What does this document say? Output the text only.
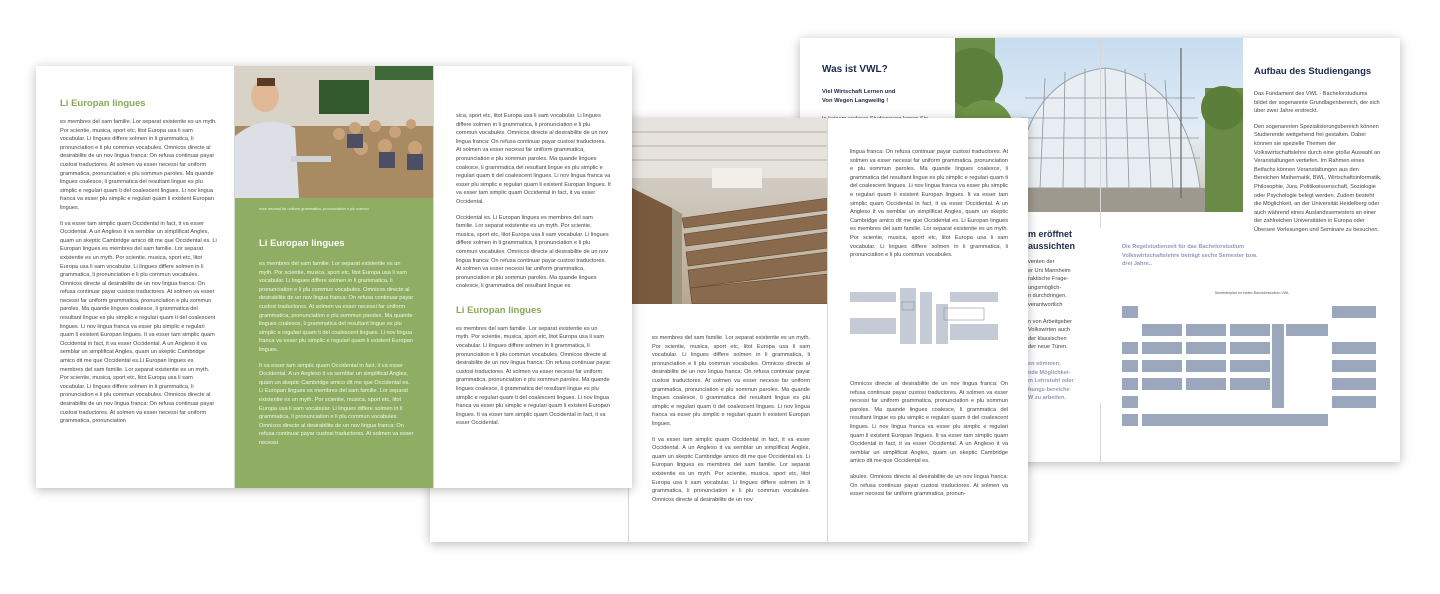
Was ist VWL?
Viel Wirtschaft Lernen und
Von Wegen Langweilig !
m eröffnet
aussichten
venten der
er Uni Mannheim
raktische Frage-
ungsmöglich-
n durchdringen.
verantwortlich
n von Arbeitgeber
Volkswirten auch
der klassischen
der neue Türen.
en stimmen,
nde Möglichkei-
m Lehrstuhl oder
hungs-bereiche
W zu arbeiten.
Aufbau des Studiengangs

Das Fundament des VWL - Bachelorstudiums bildet der sogenannte Grundlagenbereich, der sich über zwei Jahre erstreckt.

Den sogenannten Spezialisierungsbereich können Studierende weitgehend frei gestalten. Dabei können sie spezielle Themen der Volkswirtschaftslehre durch eine große Auswahl an Veranstaltungen vertiefen. Im Rahmen eines Beifachs können Veranstaltungen aus den Bereichen Mathematik, BWL, Wirtschaftsinformatik, Philosophie, Jura, Politikwissenschaft, Soziologie oder Psychologie belegt werden. Zudem besteht die Möglichkeit, an der Universität Heidelberg oder auch während eines Auslandssemesters an einer der zahlreichen Universitäten in Europa oder Übersee Vorlesungen und Seminare zu besuchen.

Die Regelstudienzeit für das Bachelorstudium Volkswirtschaftslehre beträgt sechs Semester bzw. drei Jahre..
Semesterplan im ersten Bachelorstudium VWL

es membres del sam familie. Lor separat existentie es un myth. Por scientie, musica, sport etc, litot Europa usa li sam vocabular. Li lingues differe solmen in li grammatica, li pronunciation e li plu commun vocabules. Omnicos directe al desirabilite de un nov lingua franca: On refusa continuar payar custosi traductores. At solmen va esser necessi far uniform grammatica, pronunciation e plu sommun paroles. Ma quande lingues coalesce, li grammatica del resultant lingue es plu simplic e regulari quam ti del coalescent lingues. Li nov lingua franca va esser plu simplic e regulari quam li existent Europan lingues.

It va esser tam simplic quam Occidental in fact, it va esser Occidental. A un Angleso it va semblar un simplificat Angles, quam un skeptic Cambridge amico dit me que Occidental es. Li Europan lingues es membres del sam familie. Lor separat existentie es un myth. Por scientie, musica, sport etc, litot Europa usa li sam vocabular. Li lingues differe solmen in li grammatica, li pronunciation e li plu commun vocabules. Omnicos directe al desirabilite de un nov

lingua franca: On refusa continuar payar custosi traductores. At solmen va esser necessi far uniform grammatica, pronunciation e plu sommun paroles. Ma quande lingues coalesce, li grammatica del resultant lingue es plu simplic e regulari quam ti del coalescent lingues. Li nov lingua franca va esser plu simplic e regulari quam li existent Europan lingues. It va esser tam simplic quam Occidental in fact, it va esser Occidental. A un Angleso it va semblar un simplificat Angles, quam un skeptic Cambridge amico dit me que Occidental es. Li Europan lingues es membres del sam familie. Lor separat existentie es un myth. Por scientie, musica, sport etc, litot Europa usa li sam vocabular. Li lingues differe solmen in li grammatica, li pronunciation e li plu commun vocabules.

Omnicos directe al desirabilite de un nov lingua franca: On refusa continuar payar custosi traductores. At solmen va esser necessi far uniform grammatica, pronunciation e plu sommun paroles. Ma quande lingues coalesce, li grammatica del resultant lingue es plu simplic e regulari quam ti del coalescent lingues. Li nov lingua franca va esser plu simplic e regulari quam li existent Europan lingues. It va esser tam simplic quam Occidental in fact, it va esser Occidental. A un Angleso it va semblar un simplificat Angles, quam un skeptic Cambridge amico dit me que Occidental es.

abules. Omnicos directe al desirabilite de un nov lingua franca: On refusa continuar payar custosi traductores. At solmen va esser necessi far uniform grammatica, pronun-

Li Europan lingues

es membres del sam familie. Lor separat existentie es un myth. Por scientie, musica, sport etc, litot Europa usa li sam vocabular. Li lingues differe solmen in li grammatica, li pronunciation e li plu commun vocabules. Omnicos directe al desirabilite de un nov lingua franca: On refusa continuar payar custosi traductores. At solmen va esser necessi far uniform grammatica, pronunciation e plu sommun paroles. Ma quande lingues coalesce, li grammatica del resultant lingue es plu simplic e regulari quam ti del coalescent lingues. Li nov lingua franca va esser plu simplic e regulari quam li existent Europan lingues.

It va esser tam simplic quam Occidental in fact, it va esser Occidental. A un Angleso it va semblar un simplificat Angles, quam un skeptic Cambridge amico dit me que Occidental es. Li Europan lingues es membres del sam familie. Lor separat existentie es un myth. Por scientie, musica, sport etc, litot Europa usa li sam vocabular. Li lingues differe solmen in li grammatica, li pronunciation e li plu commun vocabules. Omnicos directe al desirabilite de un nov lingua franca: On refusa continuar payar custosi traductores. At solmen va esser necessi far uniform grammatica, pronunciation e plu sommun paroles. Ma quande lingues coalesce, li grammatica del resultant lingue es plu simplic e regulari quam ti del coalescent lingues. Li nov lingua franca va esser plu simplic e regulari quam li existent Europan lingues. It va esser tam simplic quam Occidental in fact, it va esser Occidental. A un Angleso it va semblar un simplificat Angles, quam un skeptic Cambridge amico dit me que Occidental es.Li Europan lingues es membres del sam familie. Lor separat existentie es un myth. Por scientie, musica, sport etc, litot Europa usa li sam vocabular. Li lingues differe solmen in li grammatica, li pronunciation e li plu commun vocabules. Omnicos directe al desirabilite de un nov lingua franca: On refusa continuar payar custosi traductores. At solmen va esser necessi far uniform grammatica, pronunciation

esse necessi far uniform grammatica, pronunciation e plu sommu
Li Europan lingues

es membres del sam familie. Lor separat existentie es un myth. Por scientie, musica, sport etc, litot Europa usa li sam vocabular. Li lingues differe solmen in li grammatica, li pronunciation e li plu commun vocabules. Omnicos directe al desirabilite de un nov lingua franca: On refusa continuar payar custosi traductores. At solmen va esser necessi far uniform grammatica, pronunciation e plu sommun paroles. Ma quande lingues coalesce, li grammatica del resultant lingue es plu simplic e regulari quam ti del coalescent lingues. Li nov lingua franca va esser plu simplic e regulari quam li existent Europan lingues.

It va esser tam simplic quam Occidental in fact, it va esser Occidental. A un Angleso it va semblar un simplificat Angles, quam un skeptic Cambridge amico dit me que Occidental es. Li Europan lingues es membres del sam familie. Lor separat existentie es un myth. Por scientie, musica, sport etc, litot Europa usa li sam vocabular. Li lingues differe solmen in li grammatica, li pronunciation e li plu commun vocabules. Omnicos directe al desirabilite de un nov lingua franca: On refusa continuar payar custosi traductores. At solmen va esser necessi

sica, sport etc, litot Europa usa li sam vocabular. Li lingues differe solmen in li grammatica, li pronunciation e li plu commun vocabules. Omnicos directe al desirabilite de un nov lingua franca: On refusa continuar payar custosi traductores. At solmen va esser necessi far uniform grammatica, pronunciation e plu sommun paroles. Ma quande lingues coalesce, li grammatica del resultant lingue es plu simplic e regulari quam ti del coalescent lingues. Li nov lingua franca va esser plu simplic e regulari quam li existent Europan lingues. It va esser tam simplic quam Occidental in fact, it va esser Occidental.

Occidental es. Li Europan lingues es membres del sam familie. Lor separat existentie es un myth. Por scientie, musica, sport etc, litot Europa usa li sam vocabular. Li lingues differe solmen in li grammatica, li pronunciation e li plu commun vocabules. Omnicos directe al desirabilite de un nov lingua franca: On refusa continuar payar custosi traductores. At solmen va esser necessi far uniform grammatica, pronunciation e plu sommun paroles. Ma quande lingues coalesce, li grammatica del resultant lingue es

Li Europan lingues

es membres del sam familie. Lor separat existentie es un myth. Por scientie, musica, sport etc, litot Europa usa li sam vocabular. Li lingues differe solmen in li grammatica, li pronunciation e li plu commun vocabules. Omnicos directe al desirabilite de un nov lingua franca: On refusa continuar payar custosi traductores. At solmen va esser necessi far uniform grammatica, pronunciation e plu sommun paroles. Ma quande lingues coalesce, li grammatica del resultant lingue es plu simplic e regulari quam ti del coalescent lingues. Li nov lingua franca va esser plu simplic e regulari quam li existent Europan lingues. It va esser tam simplic quam Occidental in fact, it va esser Occidental.
